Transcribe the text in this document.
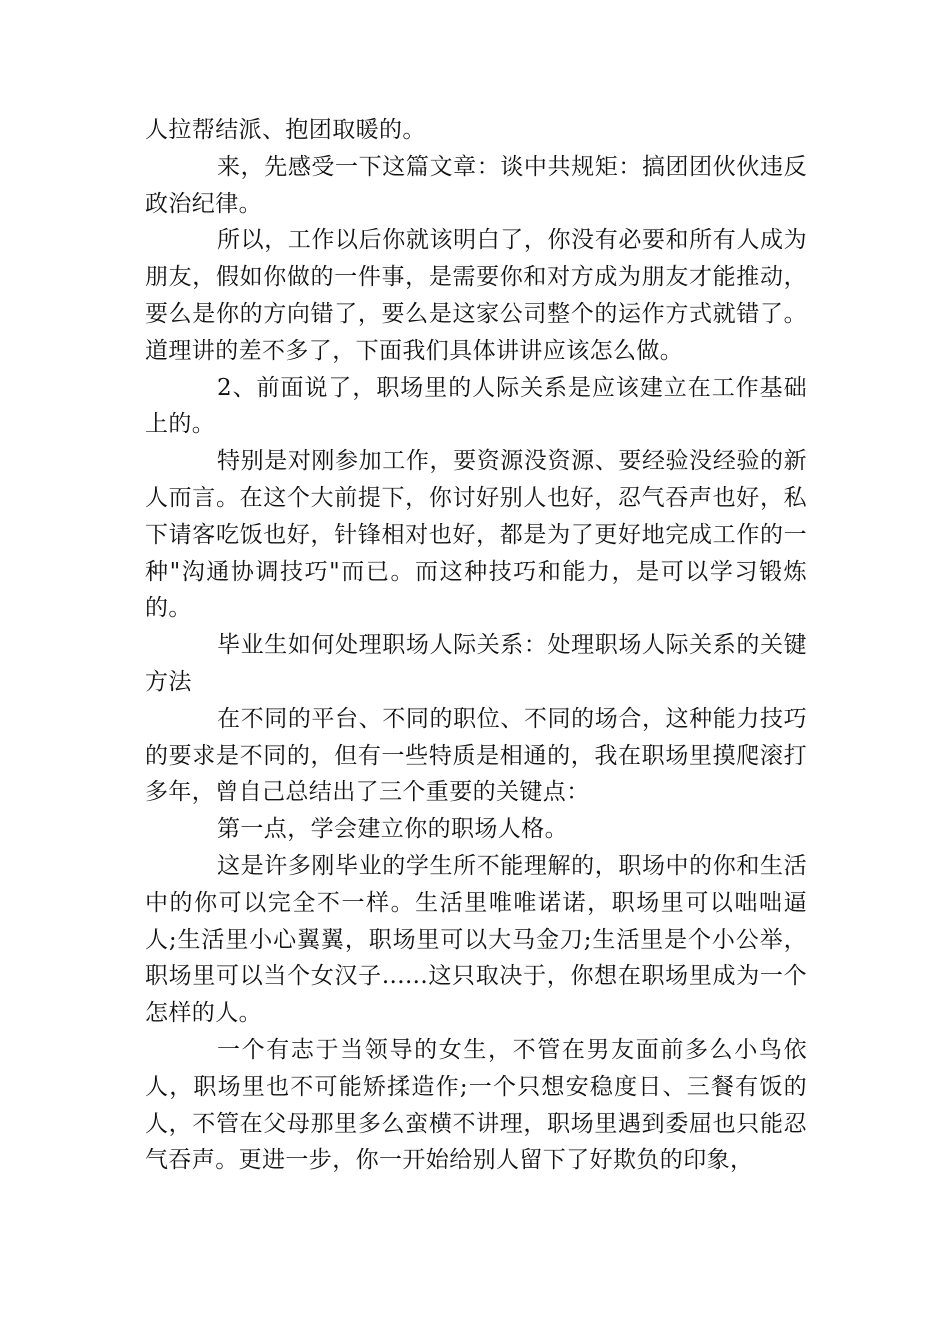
人拉帮结派、抱团取暖的。

来，先感受一下这篇文章：谈中共规矩：搞团团伙伙违反政治纪律。

所以，工作以后你就该明白了，你没有必要和所有人成为朋友，假如你做的一件事，是需要你和对方成为朋友才能推动，要么是你的方向错了，要么是这家公司整个的运作方式就错了。道理讲的差不多了，下面我们具体讲讲应该怎么做。

2、前面说了，职场里的人际关系是应该建立在工作基础上的。

特别是对刚参加工作，要资源没资源、要经验没经验的新人而言。在这个大前提下，你讨好别人也好，忍气吞声也好，私下请客吃饭也好，针锋相对也好，都是为了更好地完成工作的一种"沟通协调技巧"而已。而这种技巧和能力，是可以学习锻炼的。

毕业生如何处理职场人际关系：处理职场人际关系的关键方法

在不同的平台、不同的职位、不同的场合，这种能力技巧的要求是不同的，但有一些特质是相通的，我在职场里摸爬滚打多年，曾自己总结出了三个重要的关键点：

第一点，学会建立你的职场人格。

这是许多刚毕业的学生所不能理解的，职场中的你和生活中的你可以完全不一样。生活里唯唯诺诺，职场里可以咄咄逼人;生活里小心翼翼，职场里可以大马金刀;生活里是个小公举，职场里可以当个女汉子......这只取决于，你想在职场里成为一个怎样的人。

一个有志于当领导的女生，不管在男友面前多么小鸟依人，职场里也不可能矫揉造作;一个只想安稳度日、三餐有饭的人，不管在父母那里多么蛮横不讲理，职场里遇到委屈也只能忍气吞声。更进一步，你一开始给别人留下了好欺负的印象，
